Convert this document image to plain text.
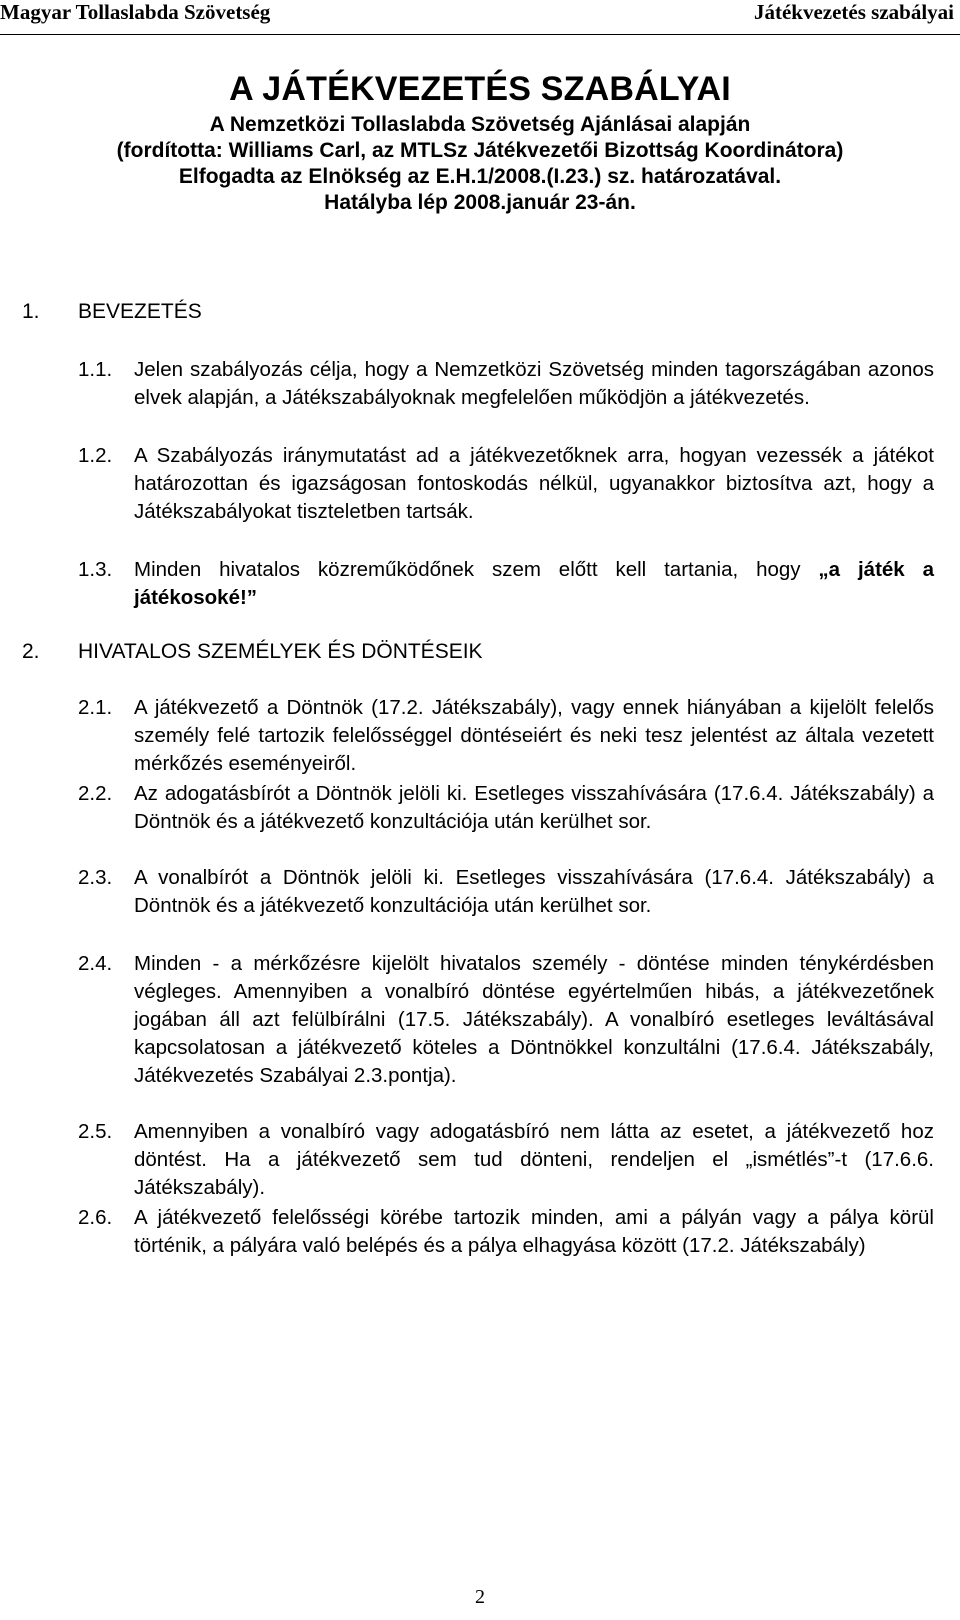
Magyar Tollaslabda Szövetség	Játékvezetés szabályai
A JÁTÉKVEZETÉS SZABÁLYAI
A Nemzetközi Tollaslabda Szövetség Ajánlásai alapján
(fordította: Williams Carl, az MTLSz Játékvezetői Bizottság Koordinátora)
Elfogadta az Elnökség az E.H.1/2008.(I.23.) sz. határozatával.
Hatályba lép 2008.január 23-án.
1. BEVEZETÉS
1.1. Jelen szabályozás célja, hogy a Nemzetközi Szövetség minden tagországában azonos elvek alapján, a Játékszabályoknak megfelelően működjön a játékvezetés.
1.2. A Szabályozás iránymutatást ad a játékvezetőknek arra, hogyan vezessék a játékot határozottan és igazságosan fontoskodás nélkül, ugyanakkor biztosítva azt, hogy a Játékszabályokat tiszteletben tartsák.
1.3. Minden hivatalos közreműködőnek szem előtt kell tartania, hogy „a játék a játékosoké!”
2. HIVATALOS SZEMÉLYEK ÉS DÖNTÉSEIK
2.1. A játékvezető a Döntnök (17.2. Játékszabály), vagy ennek hiányában a kijelölt felelős személy felé tartozik felelősséggel döntéseiért és neki tesz jelentést az általa vezetett mérkőzés eseményeiről.
2.2. Az adogatásbírót a Döntnök jelöli ki. Esetleges visszahívására (17.6.4. Játékszabály) a Döntnök és a játékvezető konzultációja után kerülhet sor.
2.3. A vonalbírót a Döntnök jelöli ki. Esetleges visszahívására (17.6.4. Játékszabály) a Döntnök és a játékvezető konzultációja után kerülhet sor.
2.4. Minden - a mérkőzésre kijelölt hivatalos személy - döntése minden ténykérdésben végleges. Amennyiben a vonalbíró döntése egyértelműen hibás, a játékvezetőnek jogában áll azt felülbírálni (17.5. Játékszabály). A vonalbíró esetleges leváltásával kapcsolatosan a játékvezető köteles a Döntnökkel konzultálni (17.6.4. Játékszabály, Játékvezetés Szabályai 2.3.pontja).
2.5. Amennyiben a vonalbíró vagy adogatásbíró nem látta az esetet, a játékvezető hoz döntést. Ha a játékvezető sem tud dönteni, rendeljen el „ismétlés”-t (17.6.6. Játékszabály).
2.6. A játékvezető felelősségi körébe tartozik minden, ami a pályán vagy a pálya körül történik, a pályára való belépés és a pálya elhagyása között (17.2. Játékszabály)
2
